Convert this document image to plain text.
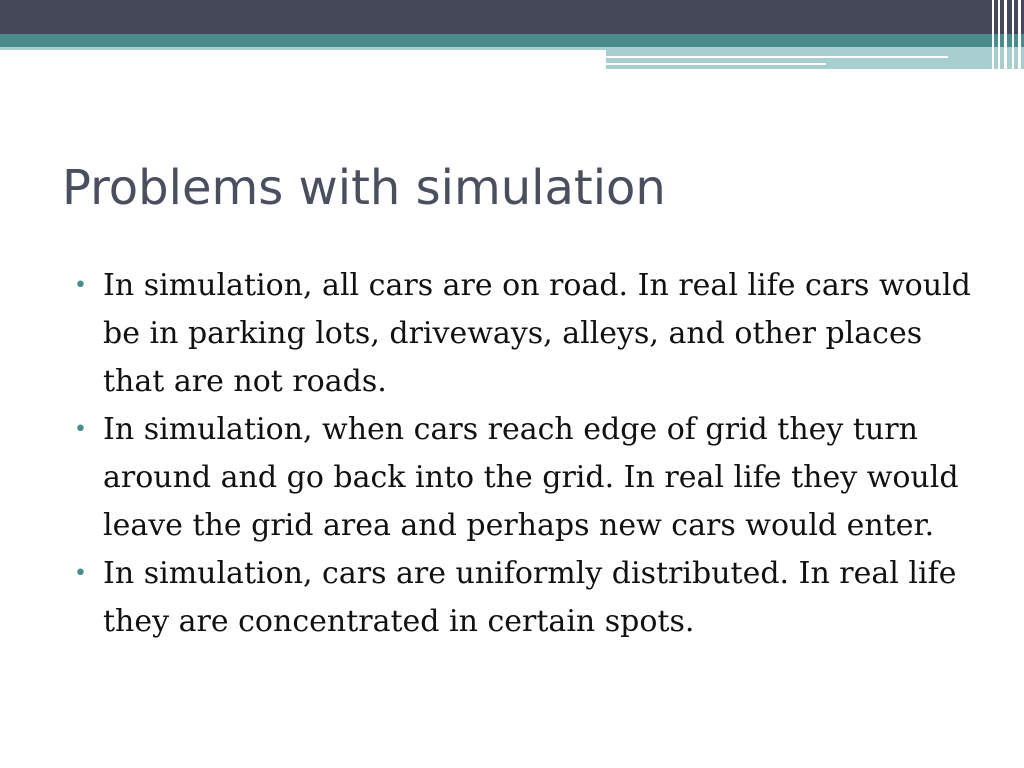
Problems with simulation
• In simulation, all cars are on road. In real life cars would be in parking lots, driveways, alleys, and other places that are not roads.
• In simulation, when cars reach edge of grid they turn around and go back into the grid. In real life they would leave the grid area and perhaps new cars would enter.
• In simulation, cars are uniformly distributed. In real life they are concentrated in certain spots.
